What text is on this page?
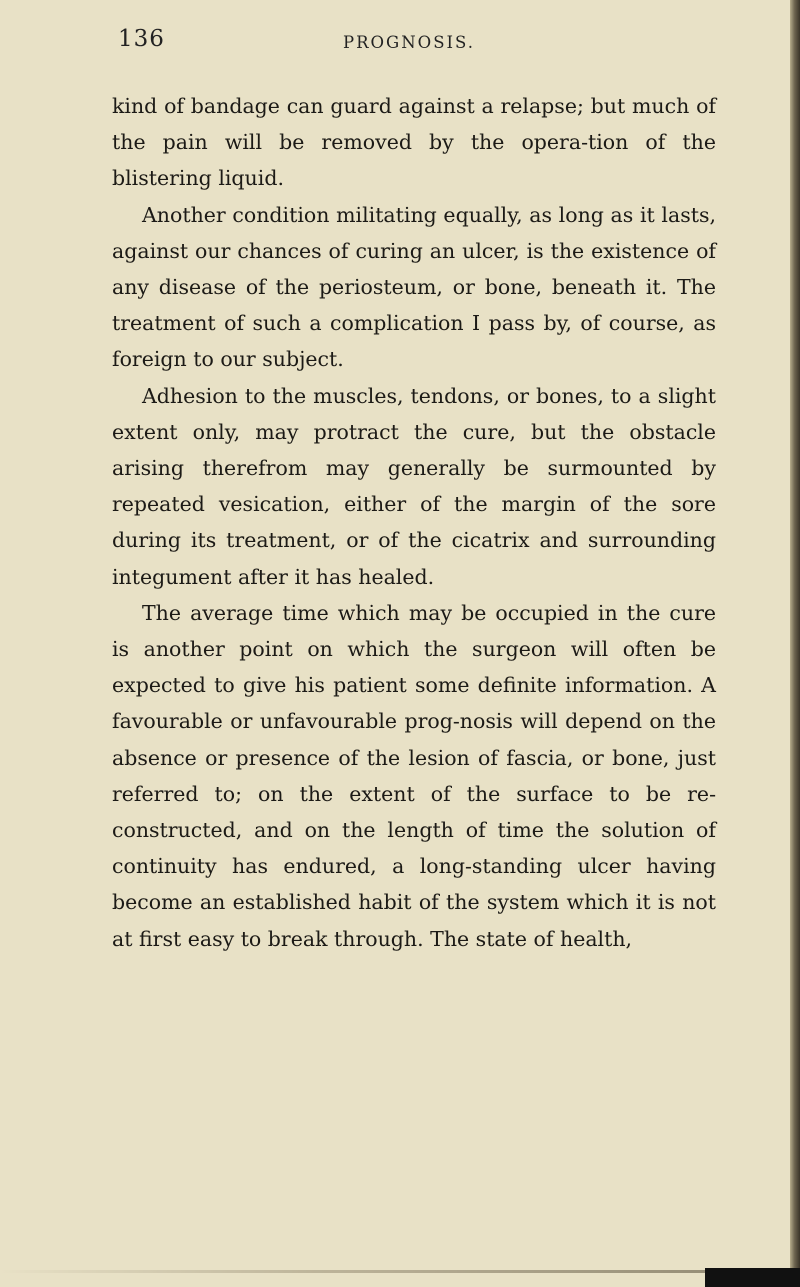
136	PROGNOSIS.

kind of bandage can guard against a relapse; but much of the pain will be removed by the opera-tion of the blistering liquid.

Another condition militating equally, as long as it lasts, against our chances of curing an ulcer, is the existence of any disease of the periosteum, or bone, beneath it. The treatment of such a complication I pass by, of course, as foreign to our subject.

Adhesion to the muscles, tendons, or bones, to a slight extent only, may protract the cure, but the obstacle arising therefrom may generally be surmounted by repeated vesication, either of the margin of the sore during its treatment, or of the cicatrix and surrounding integument after it has healed.

The average time which may be occupied in the cure is another point on which the surgeon will often be expected to give his patient some definite information. A favourable or unfavourable prog-nosis will depend on the absence or presence of the lesion of fascia, or bone, just referred to; on the extent of the surface to be re-constructed, and on the length of time the solution of continuity has endured, a long-standing ulcer having become an established habit of the system which it is not at first easy to break through. The state of health,
